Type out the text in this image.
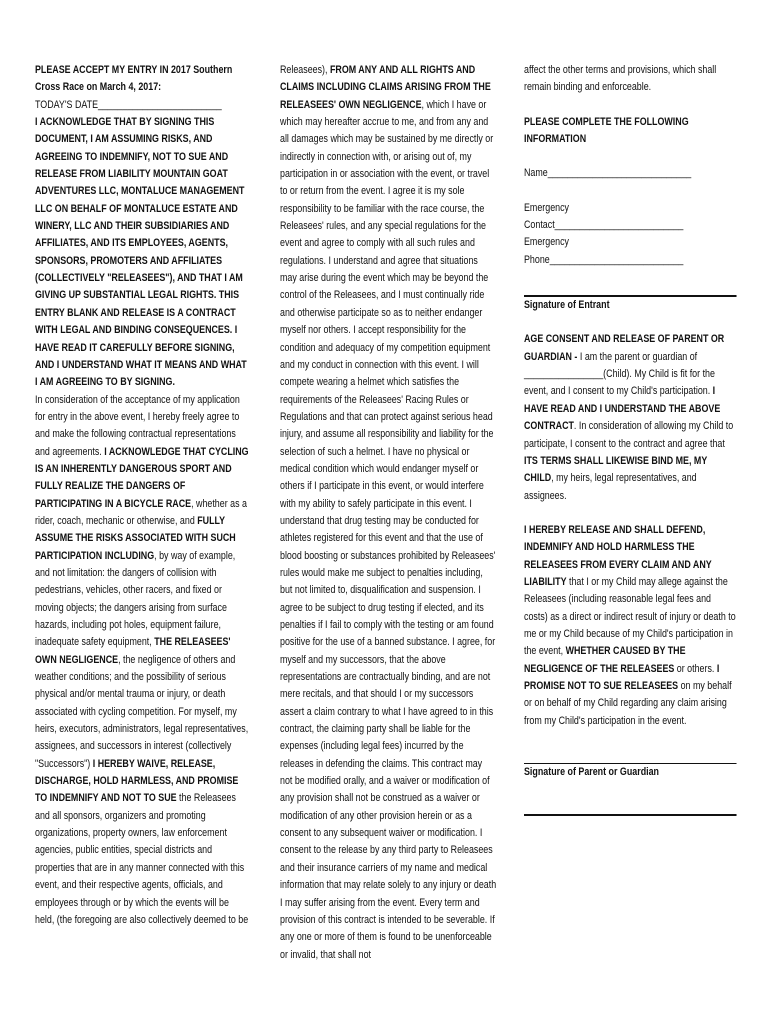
PLEASE ACCEPT MY ENTRY IN 2017 Southern Cross Race on March 4, 2017:

TODAY'S DATE_________________________

I ACKNOWLEDGE THAT BY SIGNING THIS DOCUMENT, I AM ASSUMING RISKS, AND AGREEING TO INDEMNIFY, NOT TO SUE AND RELEASE FROM LIABILITY MOUNTAIN GOAT ADVENTURES LLC, MONTALUCE MANAGEMENT LLC ON BEHALF OF MONTALUCE ESTATE AND WINERY, LLC AND THEIR SUBSIDIARIES AND AFFILIATES, AND ITS EMPLOYEES, AGENTS, SPONSORS, PROMOTERS AND AFFILIATES (COLLECTIVELY "RELEASEES"), AND THAT I AM GIVING UP SUBSTANTIAL LEGAL RIGHTS. THIS ENTRY BLANK AND RELEASE IS A CONTRACT WITH LEGAL AND BINDING CONSEQUENCES. I HAVE READ IT CAREFULLY BEFORE SIGNING, AND I UNDERSTAND WHAT IT MEANS AND WHAT I AM AGREEING TO BY SIGNING.

In consideration of the acceptance of my application for entry in the above event, I hereby freely agree to and make the following contractual representations and agreements. I ACKNOWLEDGE THAT CYCLING IS AN INHERENTLY DANGEROUS SPORT AND FULLY REALIZE THE DANGERS OF PARTICIPATING IN A BICYCLE RACE, whether as a rider, coach, mechanic or otherwise, and FULLY ASSUME THE RISKS ASSOCIATED WITH SUCH PARTICIPATION INCLUDING, by way of example, and not limitation: the dangers of collision with pedestrians, vehicles, other racers, and fixed or moving objects; the dangers arising from surface hazards, including pot holes, equipment failure, inadequate safety equipment, THE RELEASEES' OWN NEGLIGENCE, the negligence of others and weather conditions; and the possibility of serious physical and/or mental trauma or injury, or death associated with cycling competition. For myself, my heirs, executors, administrators, legal representatives, assignees, and successors in interest (collectively "Successors") I HEREBY WAIVE, RELEASE, DISCHARGE, HOLD HARMLESS, AND PROMISE TO INDEMNIFY AND NOT TO SUE the Releasees and all sponsors, organizers and promoting organizations, property owners, law enforcement agencies, public entities, special districts and properties that are in any manner connected with this event, and their respective agents, officials, and employees through or by which the events will be held, (the foregoing are also collectively deemed to be

Releasees), FROM ANY AND ALL RIGHTS AND CLAIMS INCLUDING CLAIMS ARISING FROM THE RELEASEES' OWN NEGLIGENCE, which I have or which may hereafter accrue to me, and from any and all damages which may be sustained by me directly or indirectly in connection with, or arising out of, my participation in or association with the event, or travel to or return from the event. I agree it is my sole responsibility to be familiar with the race course, the Releasees' rules, and any special regulations for the event and agree to comply with all such rules and regulations. I understand and agree that situations may arise during the event which may be beyond the control of the Releasees, and I must continually ride and otherwise participate so as to neither endanger myself nor others. I accept responsibility for the condition and adequacy of my competition equipment and my conduct in connection with this event. I will compete wearing a helmet which satisfies the requirements of the Releasees' Racing Rules or Regulations and that can protect against serious head injury, and assume all responsibility and liability for the selection of such a helmet. I have no physical or medical condition which would endanger myself or others if I participate in this event, or would interfere with my ability to safely participate in this event. I understand that drug testing may be conducted for athletes registered for this event and that the use of blood boosting or substances prohibited by Releasees' rules would make me subject to penalties including, but not limited to, disqualification and suspension. I agree to be subject to drug testing if elected, and its penalties if I fail to comply with the testing or am found positive for the use of a banned substance. I agree, for myself and my successors, that the above representations are contractually binding, and are not mere recitals, and that should I or my successors assert a claim contrary to what I have agreed to in this contract, the claiming party shall be liable for the expenses (including legal fees) incurred by the releases in defending the claims. This contract may not be modified orally, and a waiver or modification of any provision shall not be construed as a waiver or modification of any other provision herein or as a consent to any subsequent waiver or modification. I consent to the release by any third party to Releasees and their insurance carriers of my name and medical information that may relate solely to any injury or death I may suffer arising from the event. Every term and provision of this contract is intended to be severable. If any one or more of them is found to be unenforceable or invalid, that shall not

affect the other terms and provisions, which shall remain binding and enforceable.

PLEASE COMPLETE THE FOLLOWING INFORMATION

Name_____________________________

Emergency

Contact__________________________

Emergency

Phone___________________________

Signature of Entrant

AGE CONSENT AND RELEASE OF PARENT OR GUARDIAN - I am the parent or guardian of ________________(Child). My Child is fit for the event, and I consent to my Child's participation. I HAVE READ AND I UNDERSTAND THE ABOVE CONTRACT. In consideration of allowing my Child to participate, I consent to the contract and agree that ITS TERMS SHALL LIKEWISE BIND ME, MY CHILD, my heirs, legal representatives, and assignees.

I HEREBY RELEASE AND SHALL DEFEND, INDEMNIFY AND HOLD HARMLESS THE RELEASEES FROM EVERY CLAIM AND ANY LIABILITY that I or my Child may allege against the Releasees (including reasonable legal fees and costs) as a direct or indirect result of injury or death to me or my Child because of my Child's participation in the event, WHETHER CAUSED BY THE NEGLIGENCE OF THE RELEASEES or others. I PROMISE NOT TO SUE RELEASEES on my behalf or on behalf of my Child regarding any claim arising from my Child's participation in the event.

Signature of Parent or Guardian
